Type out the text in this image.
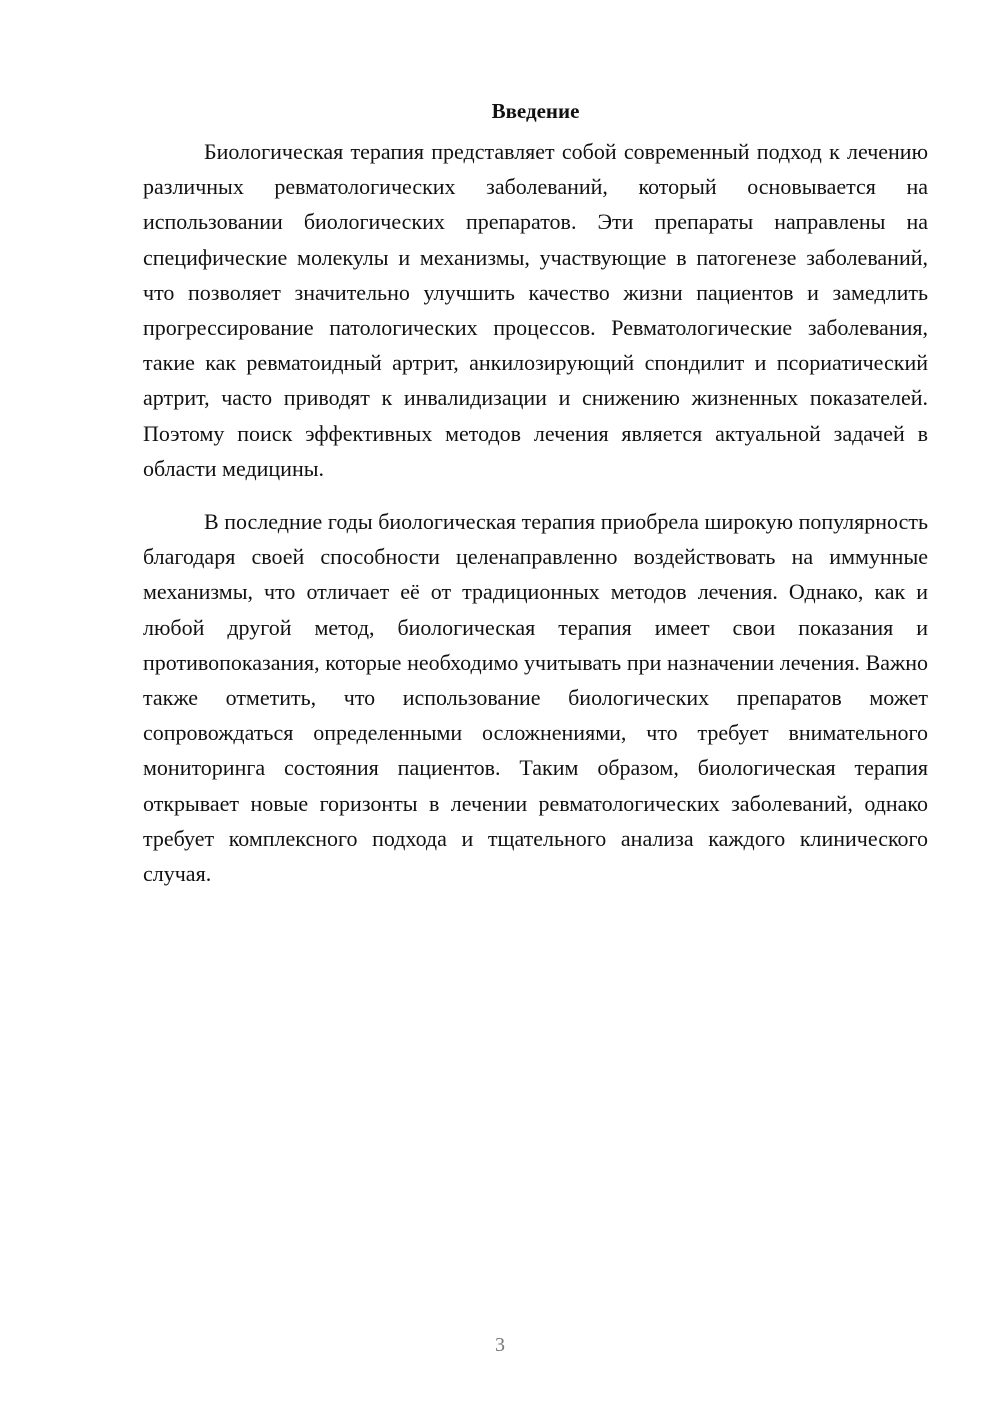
Введение

Биологическая терапия представляет собой современный подход к лечению различных ревматологических заболеваний, который основывается на использовании биологических препаратов. Эти препараты направлены на специфические молекулы и механизмы, участвующие в патогенезе заболеваний, что позволяет значительно улучшить качество жизни пациентов и замедлить прогрессирование патологических процессов. Ревматологические заболевания, такие как ревматоидный артрит, анкилозирующий спондилит и псориатический артрит, часто приводят к инвалидизации и снижению жизненных показателей. Поэтому поиск эффективных методов лечения является актуальной задачей в области медицины.

В последние годы биологическая терапия приобрела широкую популярность благодаря своей способности целенаправленно воздействовать на иммунные механизмы, что отличает её от традиционных методов лечения. Однако, как и любой другой метод, биологическая терапия имеет свои показания и противопоказания, которые необходимо учитывать при назначении лечения. Важно также отметить, что использование биологических препаратов может сопровождаться определенными осложнениями, что требует внимательного мониторинга состояния пациентов. Таким образом, биологическая терапия открывает новые горизонты в лечении ревматологических заболеваний, однако требует комплексного подхода и тщательного анализа каждого клинического случая.

3
